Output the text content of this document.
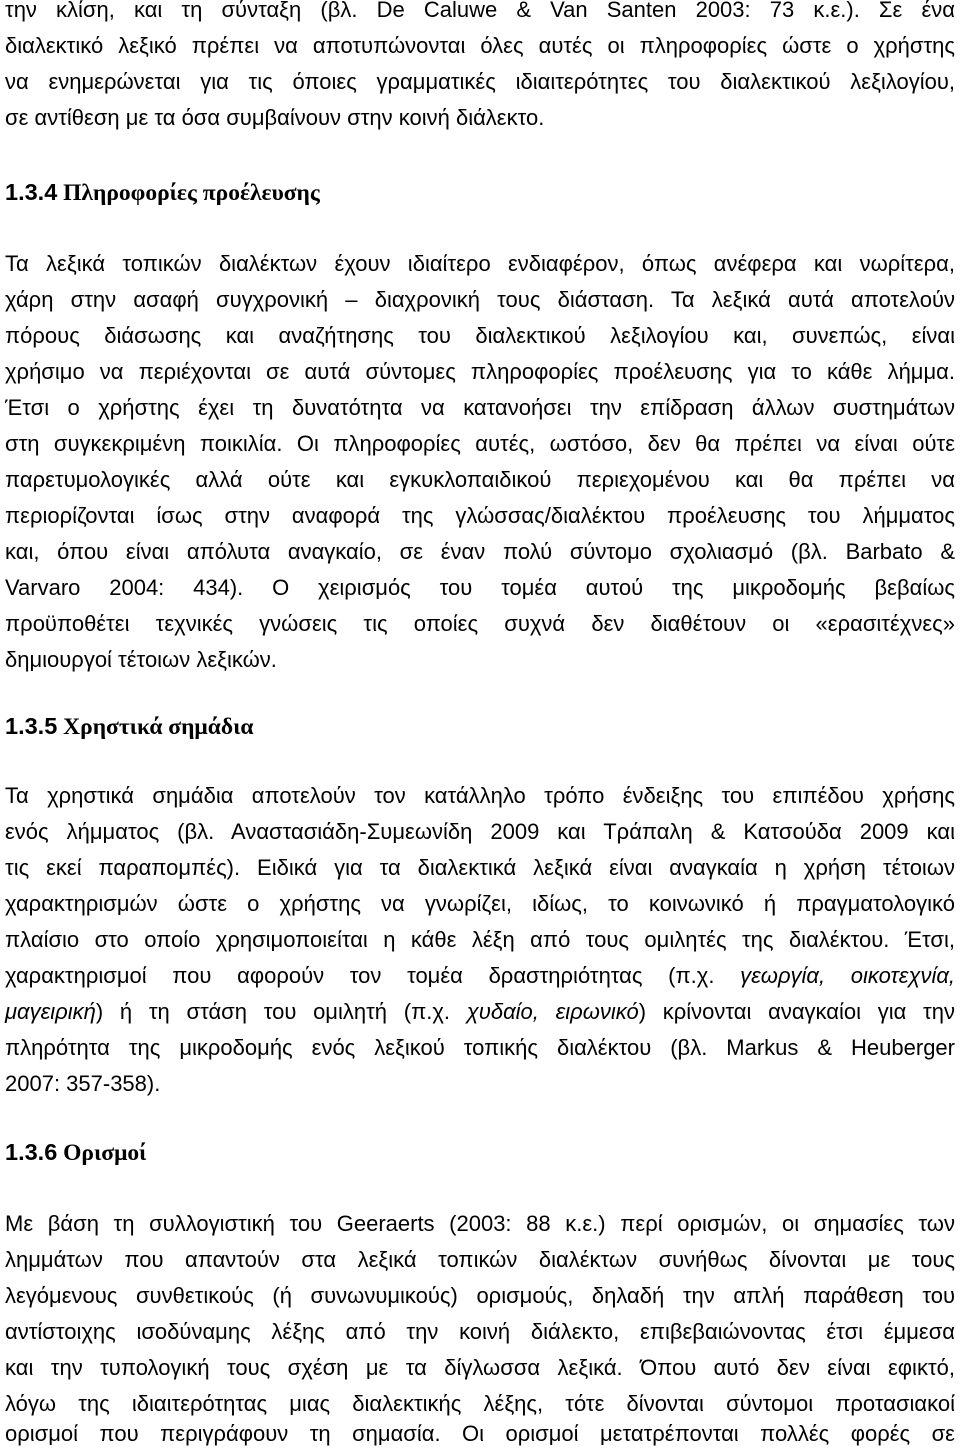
την κλίση, και τη σύνταξη (βλ. De Caluwe & Van Santen 2003: 73 κ.ε.). Σε ένα
διαλεκτικό λεξικό πρέπει να αποτυπώνονται όλες αυτές οι πληροφορίες ώστε ο χρήστης
να ενημερώνεται για τις όποιες γραμματικές ιδιαιτερότητες του διαλεκτικού λεξιλογίου,
σε αντίθεση με τα όσα συμβαίνουν στην κοινή διάλεκτο.
1.3.4 Πληροφορίες προέλευσης
Τα λεξικά τοπικών διαλέκτων έχουν ιδιαίτερο ενδιαφέρον, όπως ανέφερα και νωρίτερα,
χάρη στην ασαφή συγχρονική – διαχρονική τους διάσταση. Τα λεξικά αυτά αποτελούν
πόρους διάσωσης και αναζήτησης του διαλεκτικού λεξιλογίου και, συνεπώς, είναι
χρήσιμο να περιέχονται σε αυτά σύντομες πληροφορίες προέλευσης για το κάθε λήμμα.
Έτσι ο χρήστης έχει τη δυνατότητα να κατανοήσει την επίδραση άλλων συστημάτων
στη συγκεκριμένη ποικιλία. Οι πληροφορίες αυτές, ωστόσο, δεν θα πρέπει να είναι ούτε
παρετυμολογικές αλλά ούτε και εγκυκλοπαιδικού περιεχομένου και θα πρέπει να
περιορίζονται ίσως στην αναφορά της γλώσσας/διαλέκτου προέλευσης του λήμματος
και, όπου είναι απόλυτα αναγκαίο, σε έναν πολύ σύντομο σχολιασμό (βλ. Barbato &
Varvaro 2004: 434). Ο χειρισμός του τομέα αυτού της μικροδομής βεβαίως
προϋποθέτει τεχνικές γνώσεις τις οποίες συχνά δεν διαθέτουν οι «ερασιτέχνες»
δημιουργοί τέτοιων λεξικών.
1.3.5 Χρηστικά σημάδια
Τα χρηστικά σημάδια αποτελούν τον κατάλληλο τρόπο ένδειξης του επιπέδου χρήσης
ενός λήμματος (βλ. Αναστασιάδη-Συμεωνίδη 2009 και Τράπαλη & Κατσούδα 2009 και
τις εκεί παραπομπές). Ειδικά για τα διαλεκτικά λεξικά είναι αναγκαία η χρήση τέτοιων
χαρακτηρισμών ώστε ο χρήστης να γνωρίζει, ιδίως, το κοινωνικό ή πραγματολογικό
πλαίσιο στο οποίο χρησιμοποιείται η κάθε λέξη από τους ομιλητές της διαλέκτου. Έτσι,
χαρακτηρισμοί που αφορούν τον τομέα δραστηριότητας (π.χ. γεωργία, οικοτεχνία,
μαγειρική) ή τη στάση του ομιλητή (π.χ. χυδαίο, ειρωνικό) κρίνονται αναγκαίοι για την
πληρότητα της μικροδομής ενός λεξικού τοπικής διαλέκτου (βλ. Markus & Heuberger
2007: 357-358).
1.3.6 Ορισμοί
Με βάση τη συλλογιστική του Geeraerts (2003: 88 κ.ε.) περί ορισμών, οι σημασίες των
λημμάτων που απαντούν στα λεξικά τοπικών διαλέκτων συνήθως δίνονται με τους
λεγόμενους συνθετικούς (ή συνωνυμικούς) ορισμούς, δηλαδή την απλή παράθεση του
αντίστοιχης ισοδύναμης λέξης από την κοινή διάλεκτο, επιβεβαιώνοντας έτσι έμμεσα
και την τυπολογική τους σχέση με τα δίγλωσσα λεξικά. Όπου αυτό δεν είναι εφικτό,
λόγω της ιδιαιτερότητας μιας διαλεκτικής λέξης, τότε δίνονται σύντομοι προτασιακοί
ορισμοί που περιγράφουν τη σημασία. Οι ορισμοί μετατρέπονται πολλές φορές σε
